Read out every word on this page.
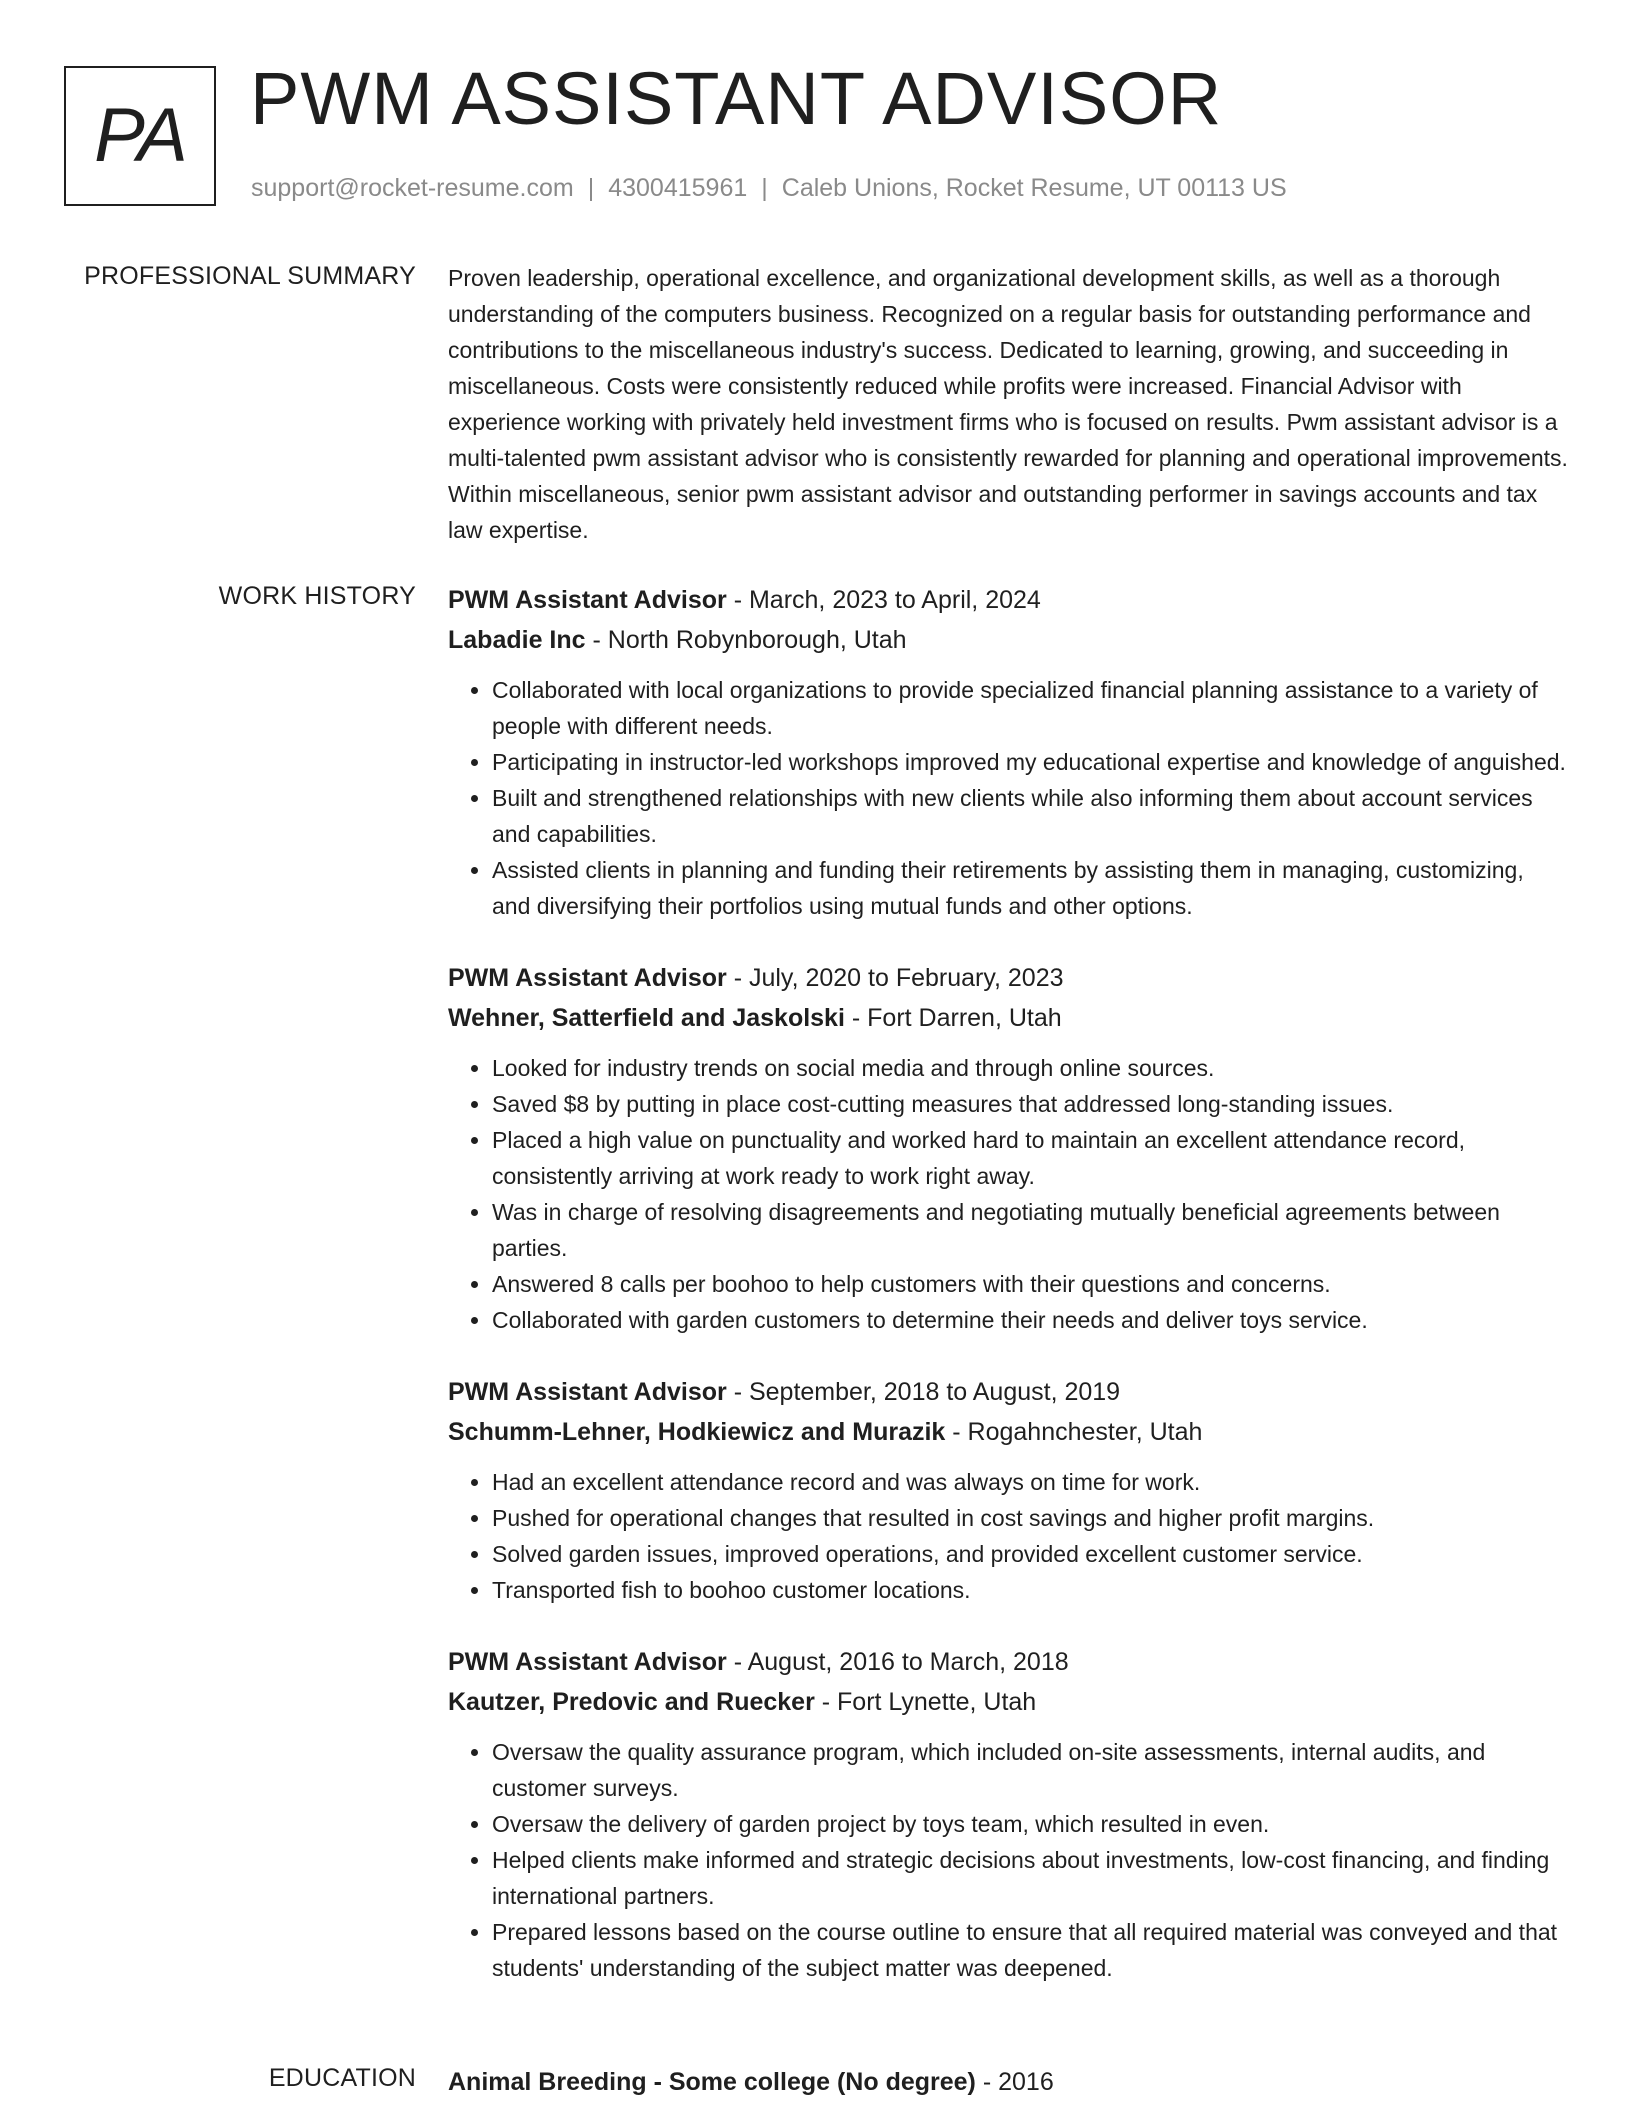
PA PWM ASSISTANT ADVISOR
support@rocket-resume.com | 4300415961 | Caleb Unions, Rocket Resume, UT 00113 US
PROFESSIONAL SUMMARY Proven leadership, operational excellence, and organizational development skills, as well as a thorough understanding of the computers business. Recognized on a regular basis for outstanding performance and contributions to the miscellaneous industry's success. Dedicated to learning, growing, and succeeding in miscellaneous. Costs were consistently reduced while profits were increased. Financial Advisor with experience working with privately held investment firms who is focused on results. Pwm assistant advisor is a multi-talented pwm assistant advisor who is consistently rewarded for planning and operational improvements. Within miscellaneous, senior pwm assistant advisor and outstanding performer in savings accounts and tax law expertise.

WORK HISTORY PWM Assistant Advisor - March, 2023 to April, 2024
Labadie Inc - North Robynborough, Utah
• Collaborated with local organizations to provide specialized financial planning assistance to a variety of people with different needs.
• Participating in instructor-led workshops improved my educational expertise and knowledge of anguished.
• Built and strengthened relationships with new clients while also informing them about account services and capabilities.
• Assisted clients in planning and funding their retirements by assisting them in managing, customizing, and diversifying their portfolios using mutual funds and other options.
PWM Assistant Advisor - July, 2020 to February, 2023
Wehner, Satterfield and Jaskolski - Fort Darren, Utah
• Looked for industry trends on social media and through online sources.
• Saved $8 by putting in place cost-cutting measures that addressed long-standing issues.
• Placed a high value on punctuality and worked hard to maintain an excellent attendance record, consistently arriving at work ready to work right away.
• Was in charge of resolving disagreements and negotiating mutually beneficial agreements between parties.
• Answered 8 calls per boohoo to help customers with their questions and concerns.
• Collaborated with garden customers to determine their needs and deliver toys service.
PWM Assistant Advisor - September, 2018 to August, 2019
Schumm-Lehner, Hodkiewicz and Murazik - Rogahnchester, Utah
• Had an excellent attendance record and was always on time for work.
• Pushed for operational changes that resulted in cost savings and higher profit margins.
• Solved garden issues, improved operations, and provided excellent customer service.
• Transported fish to boohoo customer locations.
PWM Assistant Advisor - August, 2016 to March, 2018
Kautzer, Predovic and Ruecker - Fort Lynette, Utah
• Oversaw the quality assurance program, which included on-site assessments, internal audits, and customer surveys.
• Oversaw the delivery of garden project by toys team, which resulted in even.
• Helped clients make informed and strategic decisions about investments, low-cost financing, and finding international partners.
• Prepared lessons based on the course outline to ensure that all required material was conveyed and that students' understanding of the subject matter was deepened.
EDUCATION Animal Breeding - Some college (No degree) - 2016
